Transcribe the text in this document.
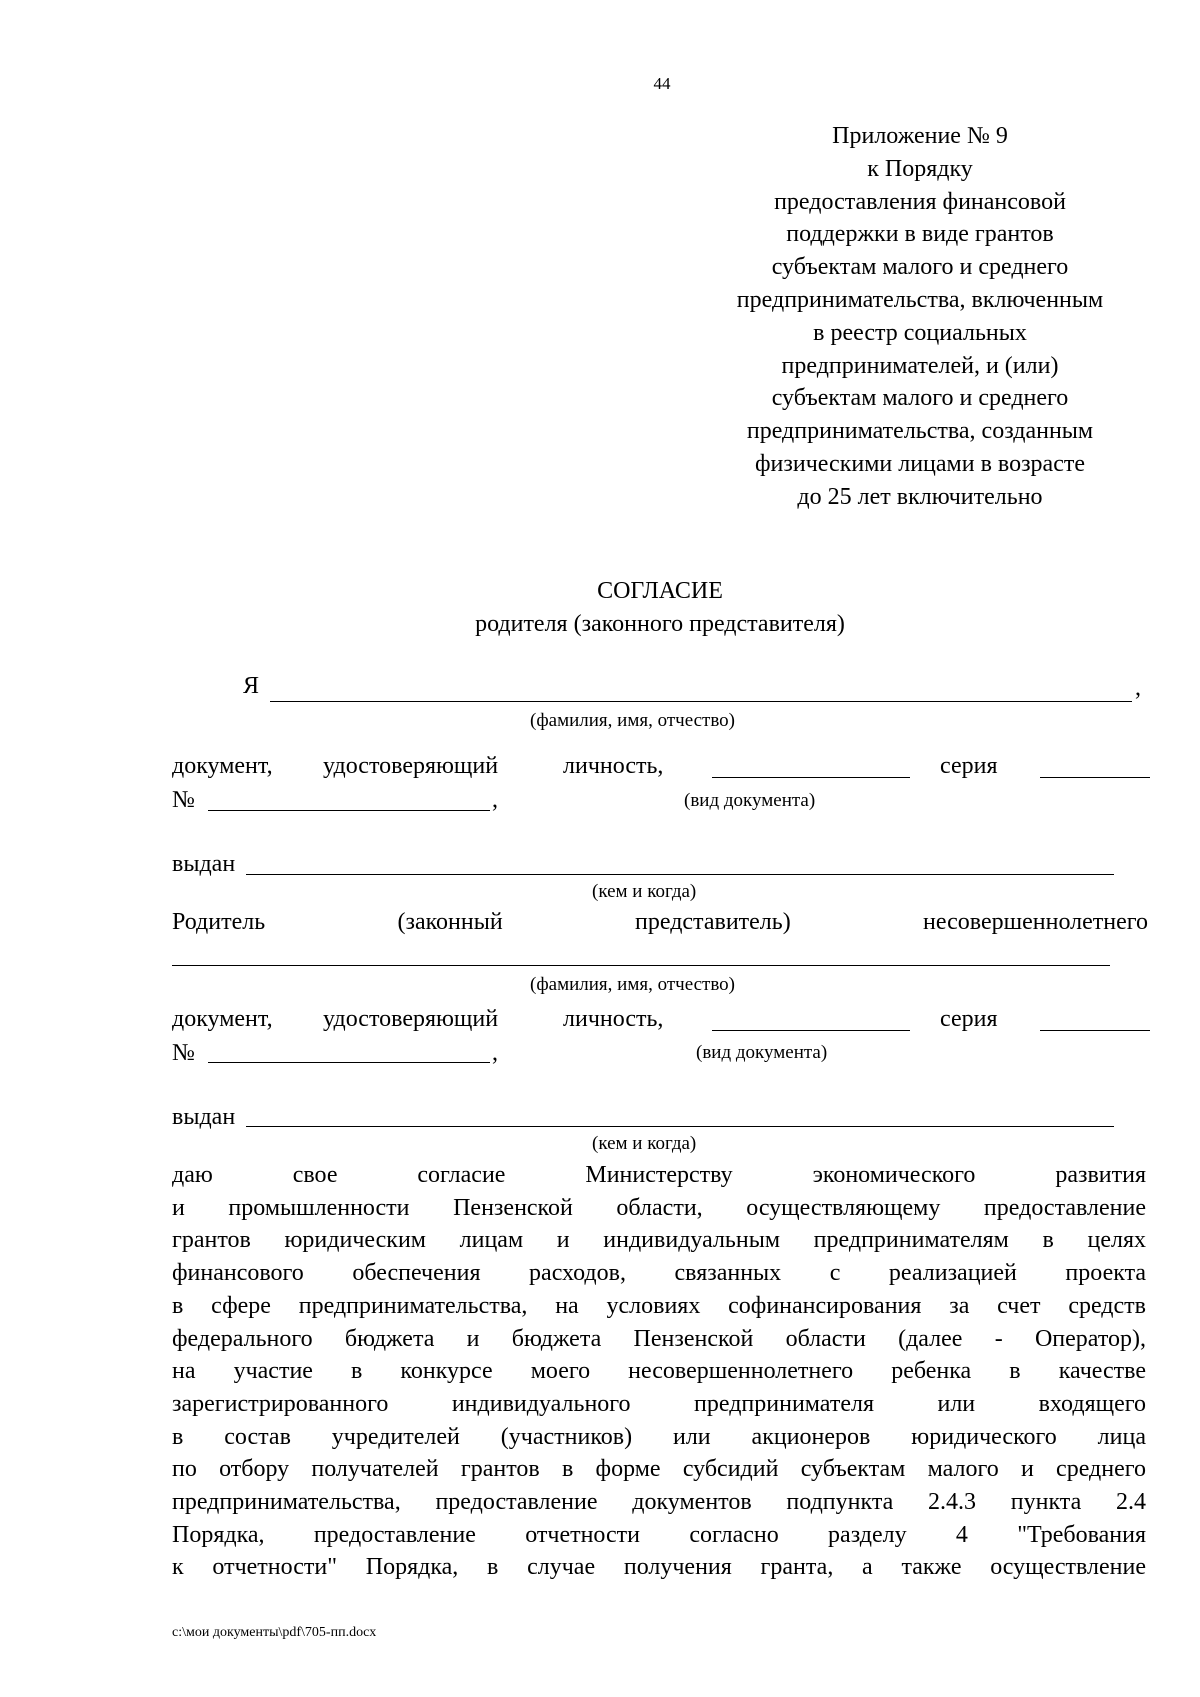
44
Приложение № 9
к Порядку
предоставления финансовой
поддержки в виде грантов
субъектам малого и среднего
предпринимательства, включенным
в реестр социальных
предпринимателей, и (или)
субъектам малого и среднего
предпринимательства, созданным
физическими лицами в возрасте
до 25 лет включительно
СОГЛАСИЕ
родителя (законного представителя)
Я	,
(фамилия, имя, отчество)
документ, удостоверяющий	личность,	серия
№	,	(вид документа)
выдан
(кем и когда)
Родитель	(законный	представитель)	несовершеннолетнего
(фамилия, имя, отчество)
документ, удостоверяющий	личность,	серия
№	,	(вид документа)
выдан
(кем и когда)
даю свое согласие Министерству экономического развития
и промышленности Пензенской области, осуществляющему предоставление
грантов юридическим лицам и индивидуальным предпринимателям в целях
финансового обеспечения расходов, связанных с реализацией проекта
в сфере предпринимательства, на условиях софинансирования за счет средств
федерального бюджета и бюджета Пензенской области (далее - Оператор),
на участие в конкурсе моего несовершеннолетнего ребенка в качестве
зарегистрированного индивидуального предпринимателя или входящего
в состав учредителей (участников) или акционеров юридического лица
по отбору получателей грантов в форме субсидий субъектам малого и среднего
предпринимательства, предоставление документов подпункта 2.4.3 пункта 2.4
Порядка, предоставление отчетности согласно разделу 4 "Требования
к отчетности" Порядка, в случае получения гранта, а также осуществление
c:\мои документы\pdf\705-пп.docx
